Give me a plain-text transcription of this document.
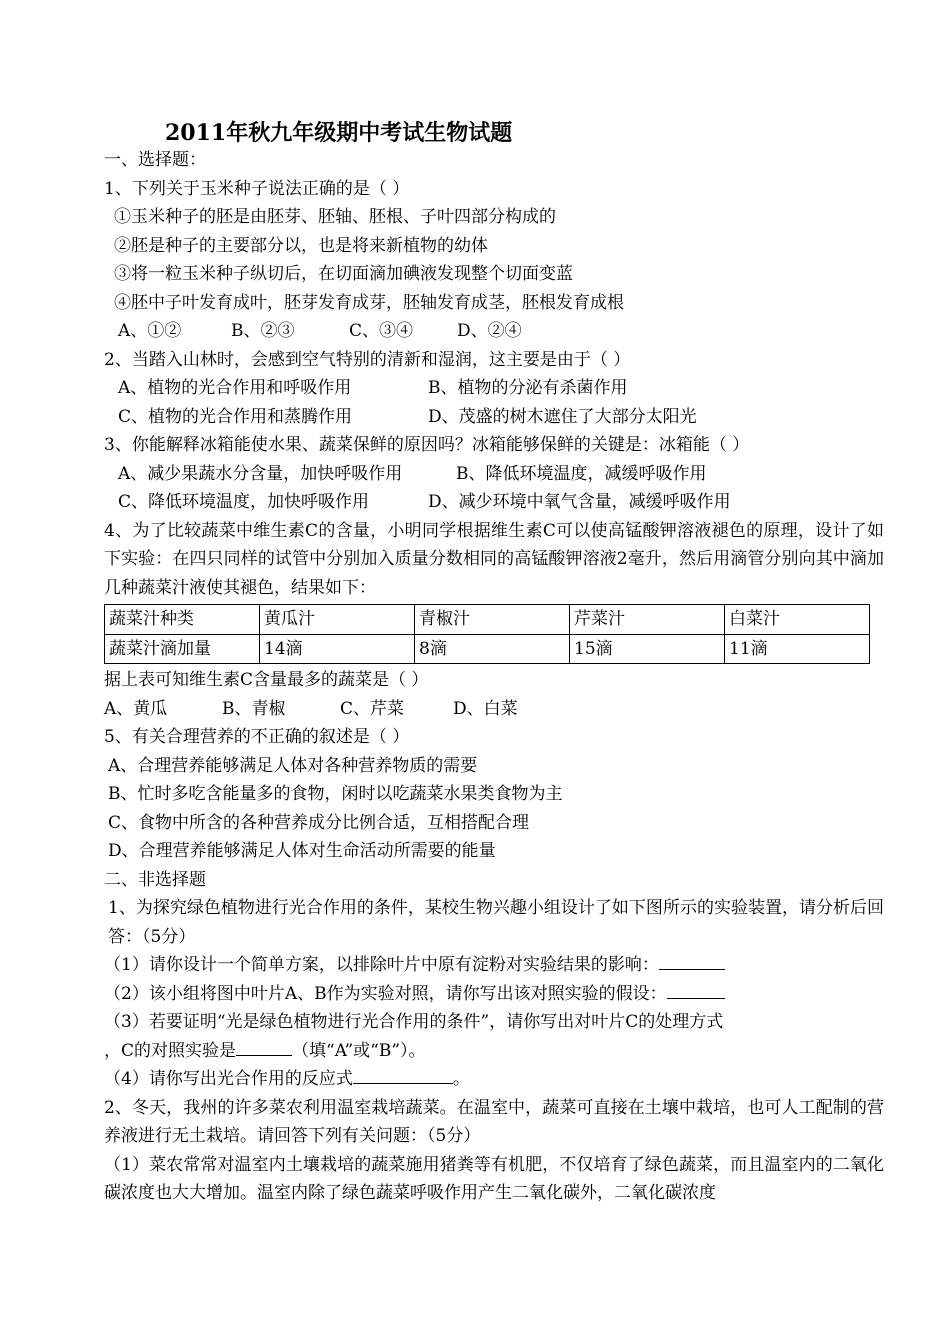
2011年秋九年级期中考试生物试题
一、选择题：
1、下列关于玉米种子说法正确的是（ ）
①玉米种子的胚是由胚芽、胚轴、胚根、子叶四部分构成的
②胚是种子的主要部分以，也是将来新植物的幼体
③将一粒玉米种子纵切后，在切面滴加碘液发现整个切面变蓝
④胚中子叶发育成叶，胚芽发育成芽，胚轴发育成茎，胚根发育成根
A、①②	B、②③	C、③④	D、②④
2、当踏入山林时，会感到空气特别的清新和湿润，这主要是由于（ ）
A、植物的光合作用和呼吸作用	B、植物的分泌有杀菌作用
C、植物的光合作用和蒸腾作用	D、茂盛的树木遮住了大部分太阳光
3、你能解释冰箱能使水果、蔬菜保鲜的原因吗？冰箱能够保鲜的关键是：冰箱能（ ）
A、减少果蔬水分含量，加快呼吸作用	B、降低环境温度，减缓呼吸作用
C、降低环境温度，加快呼吸作用	D、减少环境中氧气含量，减缓呼吸作用
4、为了比较蔬菜中维生素C的含量，小明同学根据维生素C可以使高锰酸钾溶液褪色的原理，设计了如下实验：在四只同样的试管中分别加入质量分数相同的高锰酸钾溶液2毫升，然后用滴管分别向其中滴加几种蔬菜汁液使其褪色，结果如下：
蔬菜汁种类	黄瓜汁	青椒汁	芹菜汁	白菜汁
蔬菜汁滴加量	14滴	8滴	15滴	11滴
据上表可知维生素C含量最多的蔬菜是（ ）
A、黄瓜	B、青椒	C、芹菜	D、白菜
5、有关合理营养的不正确的叙述是（ ）
A、合理营养能够满足人体对各种营养物质的需要
B、忙时多吃含能量多的食物，闲时以吃蔬菜水果类食物为主
C、食物中所含的各种营养成分比例合适，互相搭配合理
D、合理营养能够满足人体对生命活动所需要的能量
二、非选择题
1、为探究绿色植物进行光合作用的条件，某校生物兴趣小组设计了如下图所示的实验装置，请分析后回答：（5分）
（1）请你设计一个简单方案，以排除叶片中原有淀粉对实验结果的影响：
（2）该小组将图中叶片A、B作为实验对照，请你写出该对照实验的假设：
（3）若要证明“光是绿色植物进行光合作用的条件”，请你写出对叶片C的处理方式
，C的对照实验是	（填“A”或“B”）。
（4）请你写出光合作用的反应式	。
2、冬天，我州的许多菜农利用温室栽培蔬菜。在温室中，蔬菜可直接在土壤中栽培，也可人工配制的营养液进行无土栽培。请回答下列有关问题：（5分）
（1）菜农常常对温室内土壤栽培的蔬菜施用猪粪等有机肥，不仅培育了绿色蔬菜，而且温室内的二氧化碳浓度也大大增加。温室内除了绿色蔬菜呼吸作用产生二氧化碳外，二氧化碳浓度
